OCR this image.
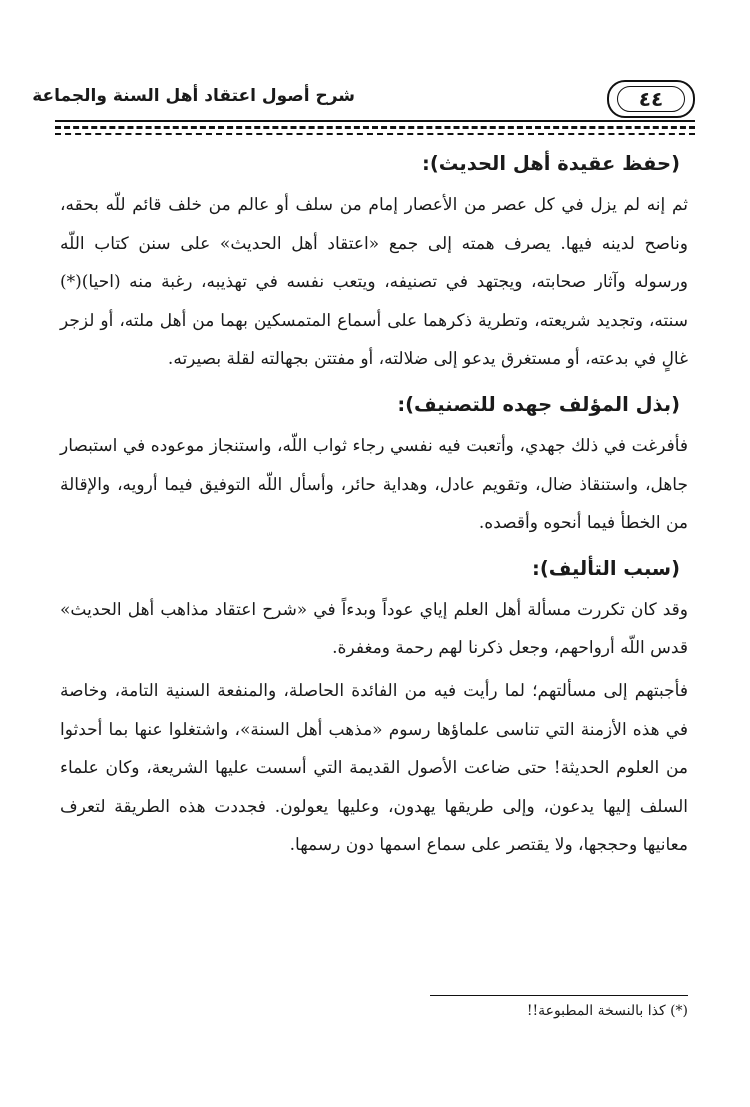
٤٤
شرح أصول اعتقاد أهل السنة والجماعة
(حفظ عقيدة أهل الحديث):

ثم إنه لم يزل في كل عصر من الأعصار إمام من سلف أو عالم من خلف قائم للّه بحقه، وناصح لدينه فيها. يصرف همته إلى جمع «اعتقاد أهل الحديث» على سنن كتاب اللّه ورسوله وآثار صحابته، ويجتهد في تصنيفه، ويتعب نفسه في تهذيبه، رغبة منه (احيا)(*) سنته، وتجديد شريعته، وتطرية ذكرهما على أسماع المتمسكين بهما من أهل ملته، أو لزجر غالٍ في بدعته، أو مستغرق يدعو إلى ضلالته، أو مفتتن بجهالته لقلة بصيرته.

(بذل المؤلف جهده للتصنيف):

فأفرغت في ذلك جهدي، وأتعبت فيه نفسي رجاء ثواب اللّه، واستنجاز موعوده في استبصار جاهل، واستنقاذ ضال، وتقويم عادل، وهداية حائر، وأسأل اللّه التوفيق فيما أرويه، والإقالة من الخطأ فيما أنحوه وأقصده.

(سبب التأليف):

وقد كان تكررت مسألة أهل العلم إياي عوداً وبدءاً في «شرح اعتقاد مذاهب أهل الحديث» قدس اللّه أرواحهم، وجعل ذكرنا لهم رحمة ومغفرة.

فأجبتهم إلى مسألتهم؛ لما رأيت فيه من الفائدة الحاصلة، والمنفعة السنية التامة، وخاصة في هذه الأزمنة التي تناسى علماؤها رسوم «مذهب أهل السنة»، واشتغلوا عنها بما أحدثوا من العلوم الحديثة! حتى ضاعت الأصول القديمة التي أسست عليها الشريعة، وكان علماء السلف إليها يدعون، وإلى طريقها يهدون، وعليها يعولون. فجددت هذه الطريقة لتعرف معانيها وحججها، ولا يقتصر على سماع اسمها دون رسمها.

(*) كذا بالنسخة المطبوعة!!
